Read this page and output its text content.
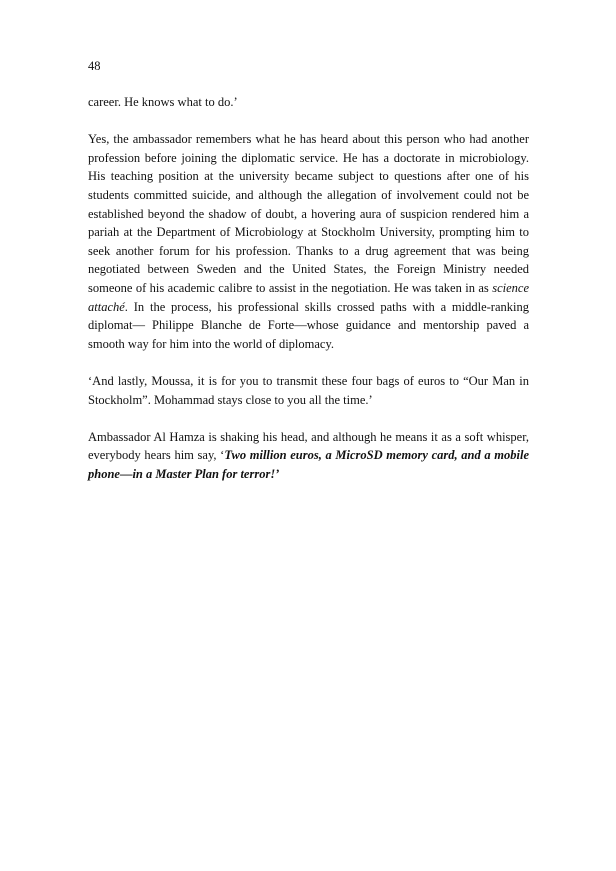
48

career. He knows what to do.’

Yes, the ambassador remembers what he has heard about this person who had another profession before joining the diplomatic service. He has a doctorate in microbiology. His teaching position at the university became subject to questions after one of his students committed suicide, and although the allegation of involvement could not be established beyond the shadow of doubt, a hovering aura of suspicion rendered him a pariah at the Department of Microbiology at Stockholm University, prompting him to seek another forum for his profession. Thanks to a drug agreement that was being negotiated between Sweden and the United States, the Foreign Ministry needed someone of his academic calibre to assist in the negotiation. He was taken in as science attaché. In the process, his professional skills crossed paths with a middle-ranking diplomat— Philippe Blanche de Forte—whose guidance and mentorship paved a smooth way for him into the world of diplomacy.

‘And lastly, Moussa, it is for you to transmit these four bags of euros to “Our Man in Stockholm”. Mohammad stays close to you all the time.’

Ambassador Al Hamza is shaking his head, and although he means it as a soft whisper, everybody hears him say, ‘Two million euros, a MicroSD memory card, and a mobile phone—in a Master Plan for terror!’
